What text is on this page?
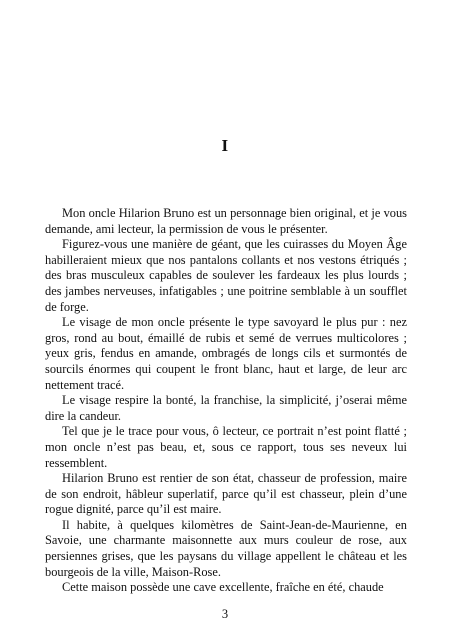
I

Mon oncle Hilarion Bruno est un personnage bien original, et je vous demande, ami lecteur, la permission de vous le présenter.

Figurez-vous une manière de géant, que les cuirasses du Moyen Âge habilleraient mieux que nos pantalons collants et nos vestons étriqués ; des bras musculeux capables de soulever les fardeaux les plus lourds ; des jambes nerveuses, infatigables ; une poitrine semblable à un soufflet de forge.

Le visage de mon oncle présente le type savoyard le plus pur : nez gros, rond au bout, émaillé de rubis et semé de verrues multicolores ; yeux gris, fendus en amande, ombragés de longs cils et surmontés de sourcils énormes qui coupent le front blanc, haut et large, de leur arc nettement tracé.

Le visage respire la bonté, la franchise, la simplicité, j’oserai même dire la candeur.

Tel que je le trace pour vous, ô lecteur, ce portrait n’est point flatté ; mon oncle n’est pas beau, et, sous ce rapport, tous ses neveux lui ressemblent.

Hilarion Bruno est rentier de son état, chasseur de profession, maire de son endroit, hâbleur superlatif, parce qu’il est chasseur, plein d’une rogue dignité, parce qu’il est maire.

Il habite, à quelques kilomètres de Saint-Jean-de-Maurienne, en Savoie, une charmante maisonnette aux murs couleur de rose, aux persiennes grises, que les paysans du village appellent le château et les bourgeois de la ville, Maison-Rose.

Cette maison possède une cave excellente, fraîche en été, chaude

3
